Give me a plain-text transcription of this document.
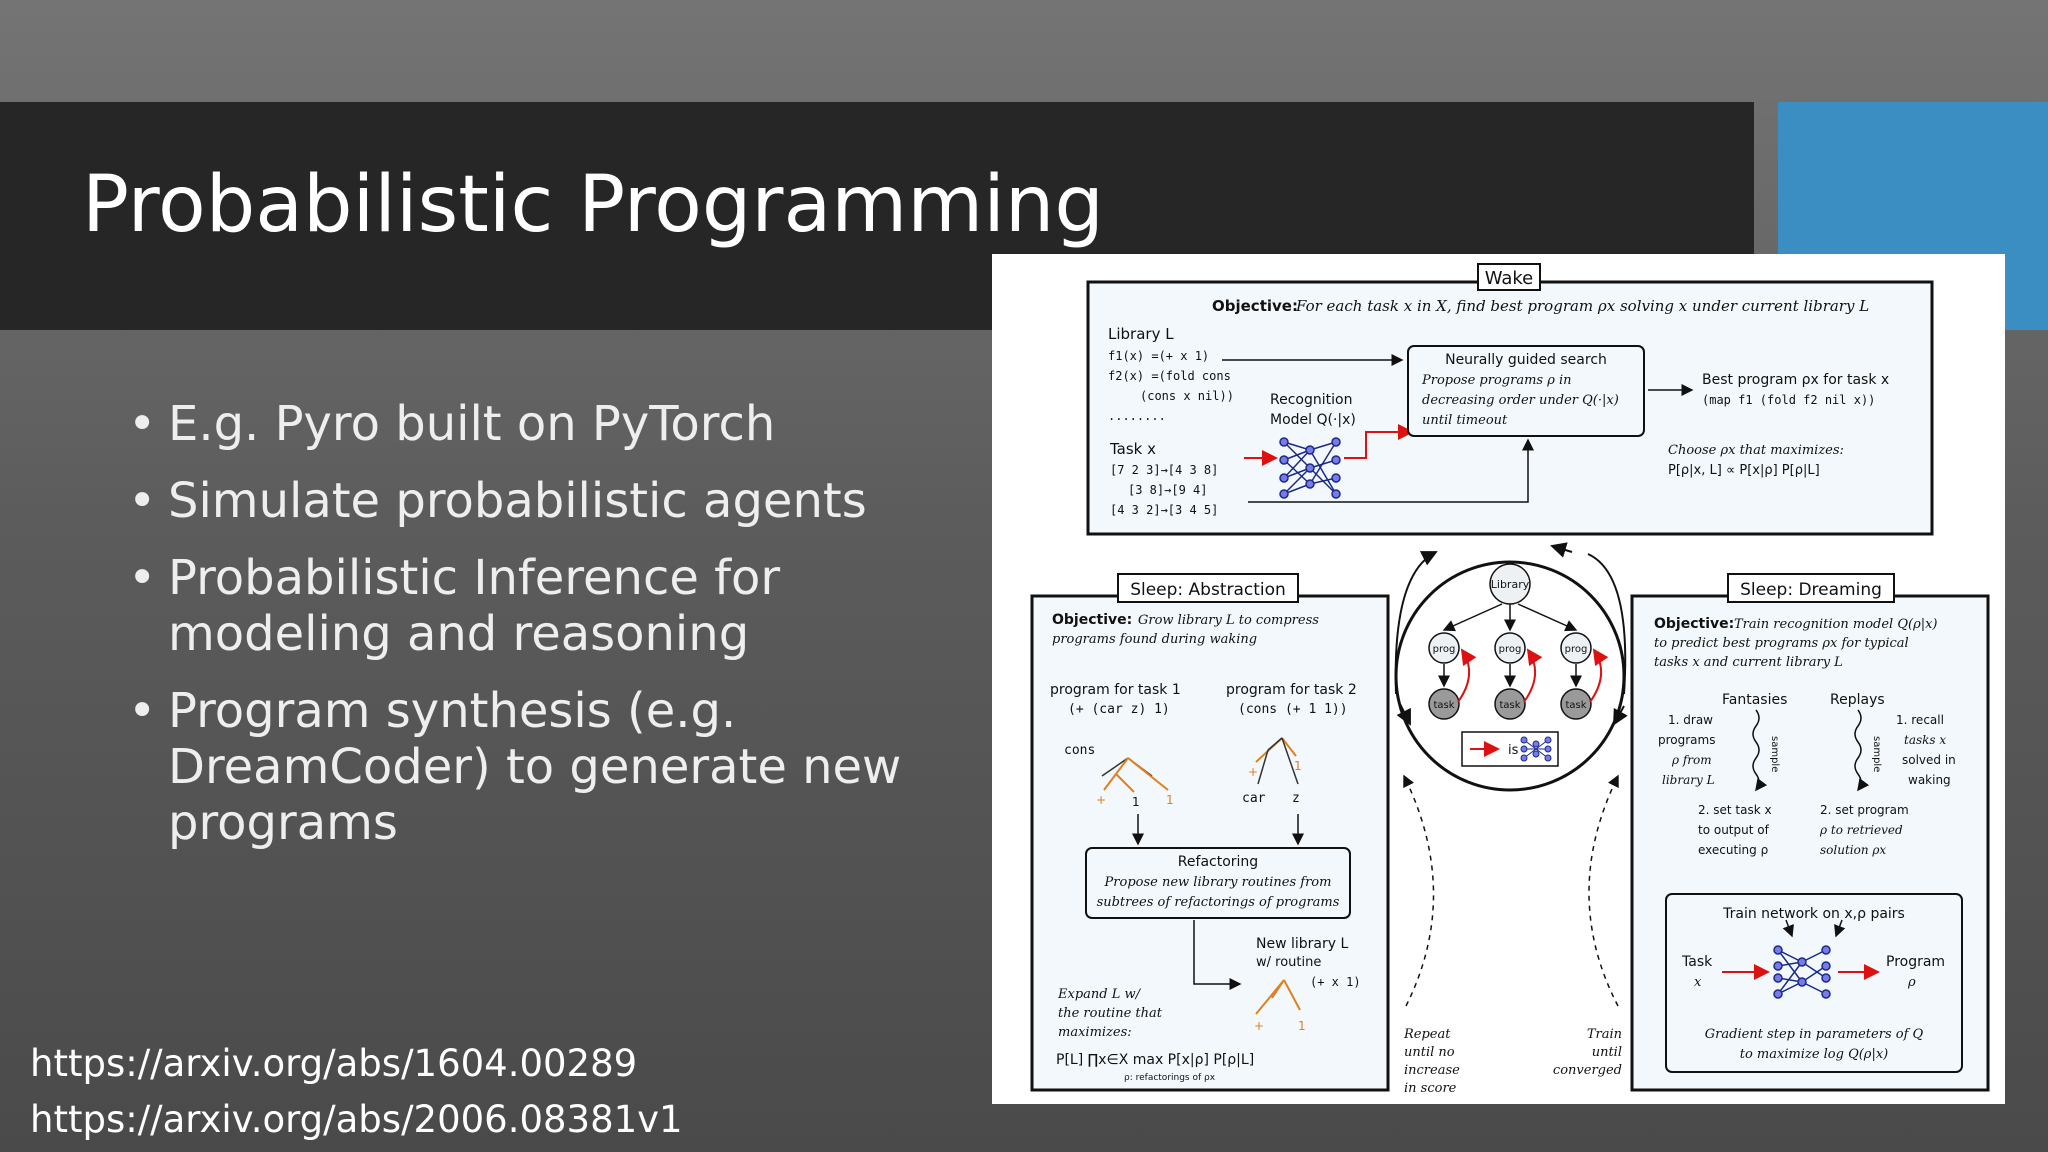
Probabilistic Programming
• E.g. Pyro built on PyTorch
• Simulate probabilistic agents
• Probabilistic Inference for modeling and reasoning
• Program synthesis (e.g. DreamCoder) to generate new programs
https://arxiv.org/abs/1604.00289
https://arxiv.org/abs/2006.08381v1
Wake
Objective:
For each task x in X, find best program ρx solving x under current library L
Library L
f1(x) =(+ x 1)
f2(x) =(fold cons
(cons x nil))
........
Recognition
Model Q(·|x)
Task x
[7 2 3]→[4 3 8]
[3 8]→[9 4]
[4 3 2]→[3 4 5]
Neurally guided search
Propose programs ρ in
decreasing order under Q(·|x)
until timeout
Best program ρx for task x
(map f1 (fold f2 nil x))
Choose ρx that maximizes:
P[ρ|x, L] ∝ P[x|ρ] P[ρ|L]
Library
prog	prog	prog
task	task	task
is
Repeat
until no
increase
in score
Train
until
converged
Sleep: Abstraction
Objective: Grow library L to compress
programs found during waking
program for task 1
(+ (car z) 1)
program for task 2
(cons (+ 1 1))
cons
+ 1 1
+	1
car z
Refactoring
Propose new library routines from
subtrees of refactorings of programs
New library L
w/ routine
(+ x 1)
+	1
Expand L w/
the routine that
maximizes:
P[L] ∏x∈X max P[x|ρ] P[ρ|L]
ρ: refactorings of ρx
Sleep: Dreaming
Objective: Train recognition model Q(ρ|x)
to predict best programs ρx for typical
tasks x and current library L
Fantasies	Replays
1. draw
programs
ρ from
library L
sample	sample
1. recall
tasks x
solved in
waking
2. set task x
to output of
executing ρ
2. set program
ρ to retrieved
solution ρx
Train network on x,ρ pairs
Task
x
Program
ρ
Gradient step in parameters of Q
to maximize log Q(ρ|x)
